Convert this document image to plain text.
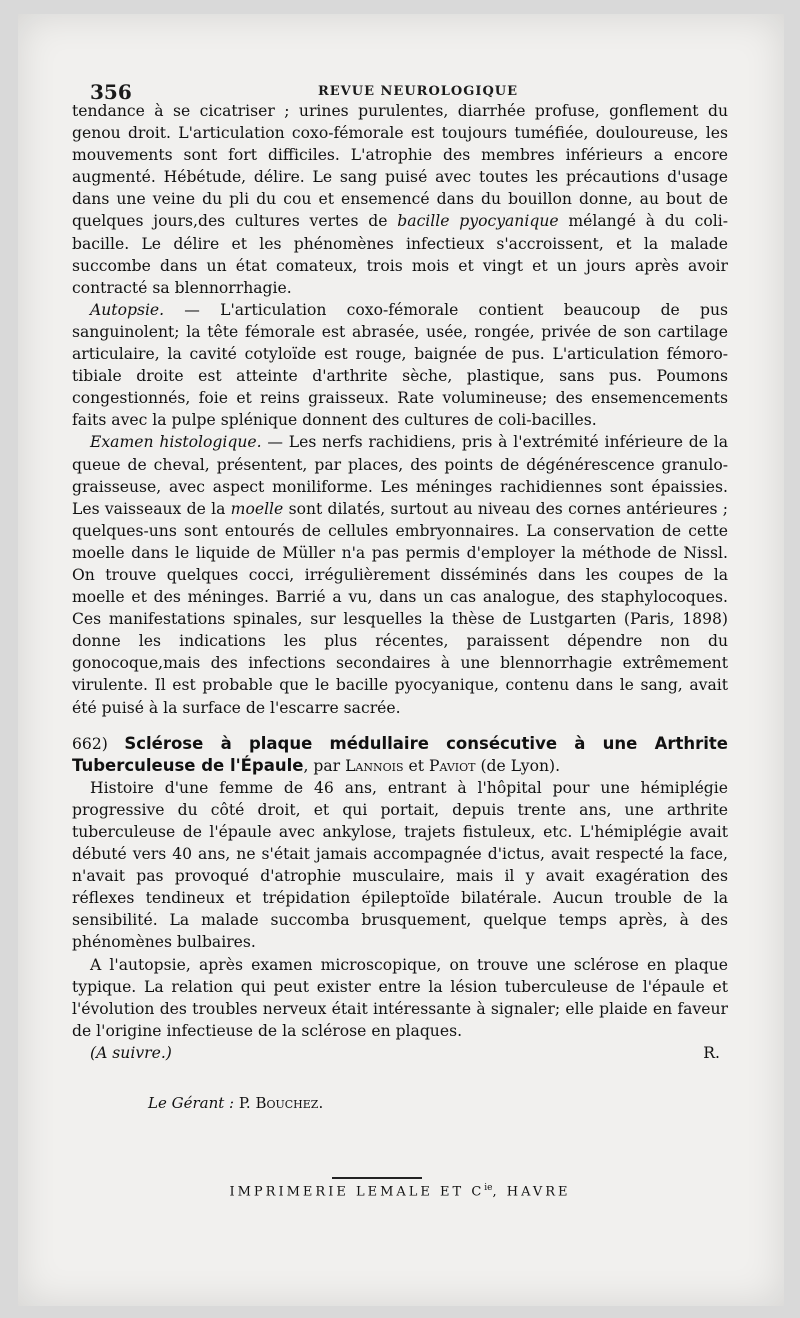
356	REVUE NEUROLOGIQUE

tendance à se cicatriser ; urines purulentes, diarrhée profuse, gonflement du genou droit. L'articulation coxo-fémorale est toujours tuméfiée, douloureuse, les mouvements sont fort difficiles. L'atrophie des membres inférieurs a encore augmenté. Hébétude, délire. Le sang puisé avec toutes les précautions d'usage dans une veine du pli du cou et ensemencé dans du bouillon donne, au bout de quelques jours,des cultures vertes de bacille pyocyanique mélangé à du coli-bacille. Le délire et les phénomènes infectieux s'accroissent, et la malade succombe dans un état comateux, trois mois et vingt et un jours après avoir contracté sa blennorrhagie.

Autopsie. — L'articulation coxo-fémorale contient beaucoup de pus sanguinolent; la tête fémorale est abrasée, usée, rongée, privée de son cartilage articulaire, la cavité cotyloïde est rouge, baignée de pus. L'articulation fémoro-tibiale droite est atteinte d'arthrite sèche, plastique, sans pus. Poumons congestionnés, foie et reins graisseux. Rate volumineuse; des ensemencements faits avec la pulpe splénique donnent des cultures de coli-bacilles.

Examen histologique. — Les nerfs rachidiens, pris à l'extrémité inférieure de la queue de cheval, présentent, par places, des points de dégénérescence granulo-graisseuse, avec aspect moniliforme. Les méninges rachidiennes sont épaissies. Les vaisseaux de la moelle sont dilatés, surtout au niveau des cornes antérieures ; quelques-uns sont entourés de cellules embryonnaires. La conservation de cette moelle dans le liquide de Müller n'a pas permis d'employer la méthode de Nissl. On trouve quelques cocci, irrégulièrement disséminés dans les coupes de la moelle et des méninges. Barrié a vu, dans un cas analogue, des staphylocoques. Ces manifestations spinales, sur lesquelles la thèse de Lustgarten (Paris, 1898) donne les indications les plus récentes, paraissent dépendre non du gonocoque,mais des infections secondaires à une blennorrhagie extrêmement virulente. Il est probable que le bacille pyocyanique, contenu dans le sang, avait été puisé à la surface de l'escarre sacrée.

662) Sclérose à plaque médullaire consécutive à une Arthrite Tuberculeuse de l'Épaule, par Lannois et Paviot (de Lyon).

Histoire d'une femme de 46 ans, entrant à l'hôpital pour une hémiplégie progressive du côté droit, et qui portait, depuis trente ans, une arthrite tuberculeuse de l'épaule avec ankylose, trajets fistuleux, etc. L'hémiplégie avait débuté vers 40 ans, ne s'était jamais accompagnée d'ictus, avait respecté la face, n'avait pas provoqué d'atrophie musculaire, mais il y avait exagération des réflexes tendineux et trépidation épileptoïde bilatérale. Aucun trouble de la sensibilité. La malade succomba brusquement, quelque temps après, à des phénomènes bulbaires.

A l'autopsie, après examen microscopique, on trouve une sclérose en plaque typique. La relation qui peut exister entre la lésion tuberculeuse de l'épaule et l'évolution des troubles nerveux était intéressante à signaler; elle plaide en faveur de l'origine infectieuse de la sclérose en plaques.

(A suivre.)	R.

Le Gérant : P. Bouchez.
IMPRIMERIE LEMALE ET $C^{ie}$, HAVRE
